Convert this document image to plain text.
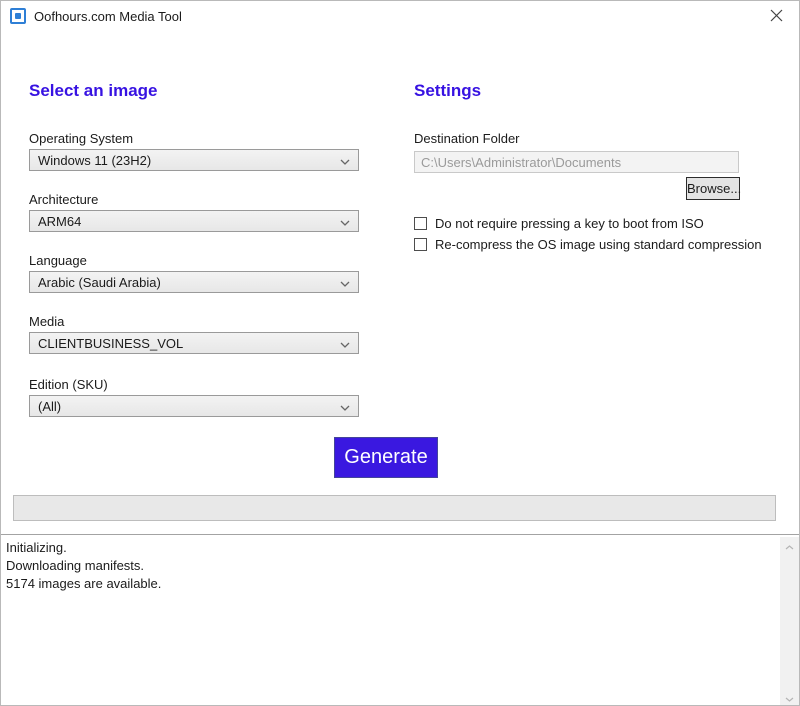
Oofhours.com Media Tool
Select an image
Operating System
Windows 11 (23H2)
Architecture
ARM64
Language
Arabic (Saudi Arabia)
Media
CLIENTBUSINESS_VOL
Edition (SKU)
(All)
Settings
Destination Folder
C:\Users\Administrator\Documents
Browse...
Do not require pressing a key to boot from ISO
Re-compress the OS image using standard compression
Generate
Initializing.
Downloading manifests.
5174 images are available.
